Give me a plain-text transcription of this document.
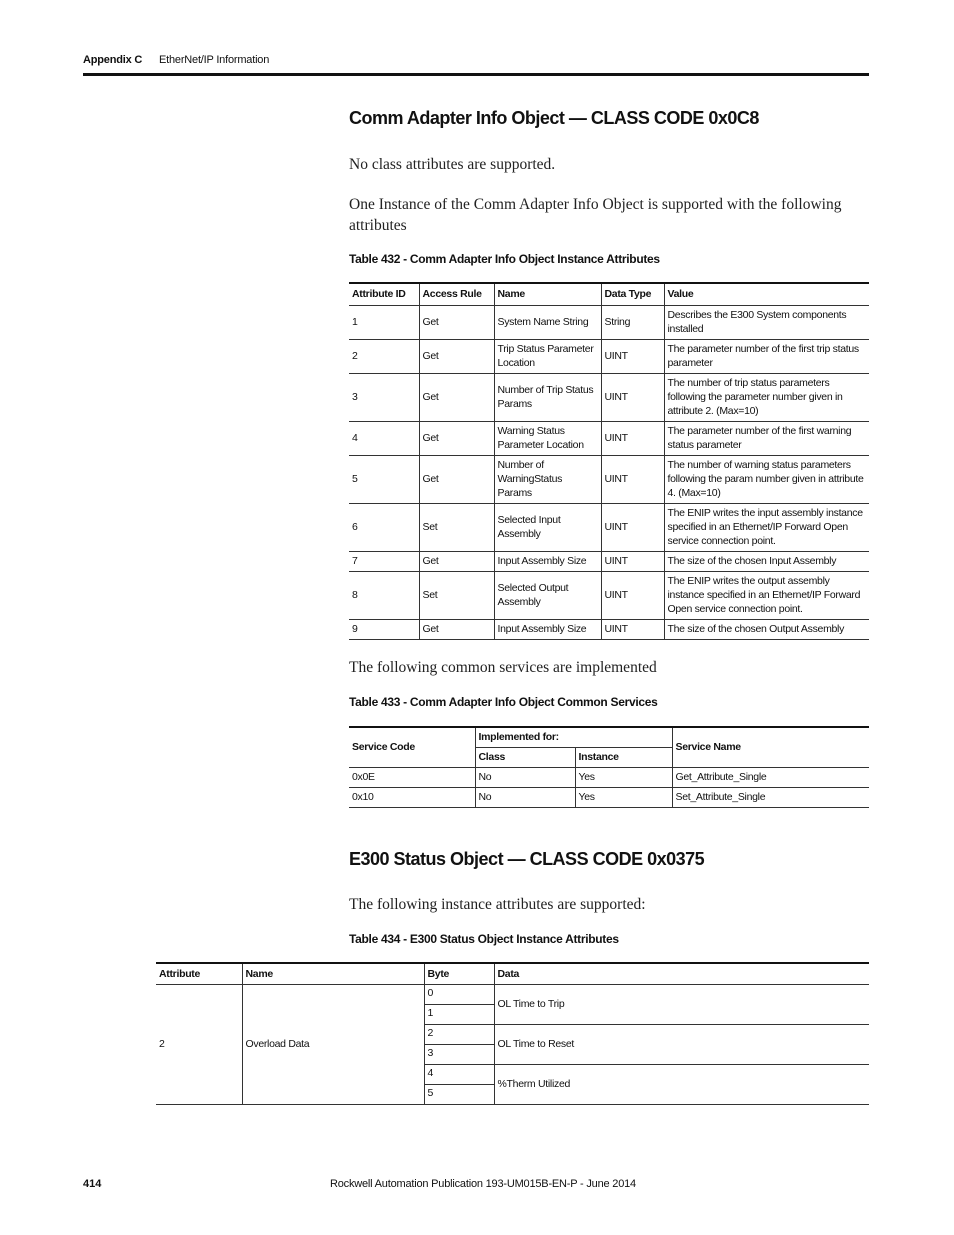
Appendix C EtherNet/IP Information
Comm Adapter Info Object — CLASS CODE 0x0C8

No class attributes are supported.

One Instance of the Comm Adapter Info Object is supported with the following attributes

Table 432 - Comm Adapter Info Object Instance Attributes
Attribute ID	Access Rule	Name	Data Type	Value
1	Get	System Name String	String	Describes the E300 System components installed
2	Get	Trip Status Parameter Location	UINT	The parameter number of the first trip status parameter
3	Get	Number of Trip Status Params	UINT	The number of trip status parameters following the parameter number given in attribute 2. (Max=10)
4	Get	Warning Status Parameter Location	UINT	The parameter number of the first warning status parameter
5	Get	Number of WarningStatus Params	UINT	The number of warning status parameters following the param number given in attribute 4. (Max=10)
6	Set	Selected Input Assembly	UINT	The ENIP writes the input assembly instance specified in an Ethernet/IP Forward Open service connection point.
7	Get	Input Assembly Size	UINT	The size of the chosen Input Assembly
8	Set	Selected Output Assembly	UINT	The ENIP writes the output assembly instance specified in an Ethernet/IP Forward Open service connection point.
9	Get	Input Assembly Size	UINT	The size of the chosen Output Assembly

The following common services are implemented

Table 433 - Comm Adapter Info Object Common Services
Service Code	Implemented for:		Service Name
	Class	Instance	
0x0E	No	Yes	Get_Attribute_Single
0x10	No	Yes	Set_Attribute_Single
E300 Status Object — CLASS CODE 0x0375

The following instance attributes are supported:

Table 434 - E300 Status Object Instance Attributes
Attribute	Name	Byte	Data
2	Overload Data	0	OL Time to Trip
		1	
		2	OL Time to Reset
		3	
		4	%Therm Utilized
		5	
414	Rockwell Automation Publication 193-UM015B-EN-P - June 2014
